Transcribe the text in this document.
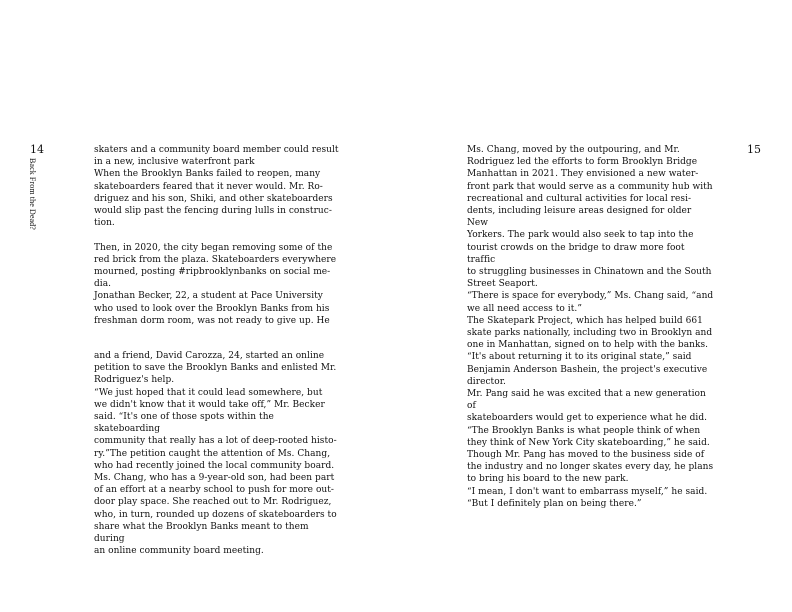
14
Back From the Dead?
15

skaters and a community board member could result
in a new, inclusive waterfront park

When the Brooklyn Banks failed to reopen, many
skateboarders feared that it never would. Mr. Ro-
driguez and his son, Shiki, and other skateboarders
would slip past the fencing during lulls in construc-
tion.

Then, in 2020, the city began removing some of the
red brick from the plaza. Skateboarders everywhere
mourned, posting #ripbrooklynbanks on social me-
dia.

Jonathan Becker, 22, a student at Pace University
who used to look over the Brooklyn Banks from his
freshman dorm room, was not ready to give up. He

and a friend, David Carozza, 24, started an online
petition to save the Brooklyn Banks and enlisted Mr.
Rodriguez's help.

“We just hoped that it could lead somewhere, but
we didn't know that it would take off,” Mr. Becker
said. “It's one of those spots within the skateboarding
community that really has a lot of deep-rooted histo-
ry.”The petition caught the attention of Ms. Chang,
who had recently joined the local community board.

Ms. Chang, who has a 9-year-old son, had been part
of an effort at a nearby school to push for more out-
door play space. She reached out to Mr. Rodriguez,
who, in turn, rounded up dozens of skateboarders to
share what the Brooklyn Banks meant to them during
an online community board meeting.

Ms. Chang, moved by the outpouring, and Mr.
Rodriguez led the efforts to form Brooklyn Bridge
Manhattan in 2021. They envisioned a new water-
front park that would serve as a community hub with
recreational and cultural activities for local resi-
dents, including leisure areas designed for older New
Yorkers. The park would also seek to tap into the
tourist crowds on the bridge to draw more foot traffic
to struggling businesses in Chinatown and the South
Street Seaport.

“There is space for everybody,” Ms. Chang said, “and
we all need access to it.”

The Skatepark Project, which has helped build 661
skate parks nationally, including two in Brooklyn and
one in Manhattan, signed on to help with the banks.

“It's about returning it to its original state,” said
Benjamin Anderson Bashein, the project's executive
director.

Mr. Pang said he was excited that a new generation of
skateboarders would get to experience what he did.

“The Brooklyn Banks is what people think of when
they think of New York City skateboarding,” he said.

Though Mr. Pang has moved to the business side of
the industry and no longer skates every day, he plans
to bring his board to the new park.

“I mean, I don't want to embarrass myself,” he said.
“But I definitely plan on being there.”
